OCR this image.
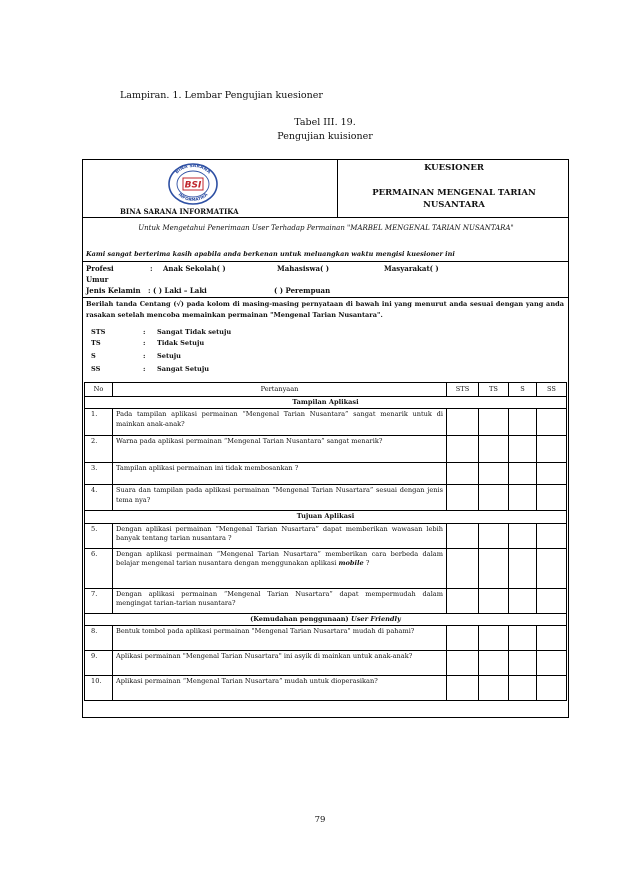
Lampiran. 1. Lembar Pengujian kuesioner
Tabel III. 19.
Pengujian kuisioner
BINA SARANA
INFORMATIKA
BSI
BINA SARANA INFORMATIKA
KUESIONER
PERMAINAN MENGENAL TARIAN NUSANTARA
Untuk Mengetahui Penerimaan User Terhadap Permainan "MARBEL MENGENAL TARIAN NUSANTARA"
Kami sangat berterima kasih apabila anda berkenan untuk meluangkan waktu mengisi kuesioner ini
Profesi	: Anak Sekolah( )	Mahasiswa( )	Masyarakat( )
Umur
Jenis Kelamin : ( ) Laki – Laki	( ) Perempuan
Berilah tanda Centang (√) pada kolom di masing-masing pernyataan di bawah ini yang menurut anda sesuai dengan yang anda rasakan setelah mencoba memainkan permainan "Mengenal Tarian Nusantara".
STS	: Sangat Tidak setuju
TS	: Tidak Setuju
S	: Setuju
SS	: Sangat Setuju
No	Pertanyaan	STS	TS	S	SS
Tampilan Aplikasi					
1.	Pada tampilan aplikasi permainan “Mengenal Tarian Nusantara” sangat menarik untuk di mainkan anak-anak?				
2.	Warna pada aplikasi permainan “Mengenal Tarian Nusantara” sangat menarik?				
3.	Tampilan aplikasi permainan ini tidak membosankan ?				
4.	Suara dan tampilan pada aplikasi permainan “Mengenal Tarian Nusartara” sesuai dengan jenis tema nya?				
Tujuan Aplikasi					
5.	Dengan aplikasi permainan “Mengenal Tarian Nusartara” dapat memberikan wawasan lebih banyak tentang tarian nusantara ?				
6.	Dengan aplikasi permainan “Mengenal Tarian Nusartara” memberikan cara berbeda dalam belajar mengenal tarian nusantara dengan menggunakan aplikasi mobile ?				
7.	Dengan aplikasi permainan “Mengenal Tarian Nusartara” dapat mempermudah dalam mengingat tarian-tarian nusantara?				
(Kemudahan penggunaan) User Friendly					
8.	Bentuk tombol pada aplikasi permainan "Mengenal Tarian Nusartara" mudah di pahami?				
9.	Aplikasi permainan "Mengenal Tarian Nusartara" ini asyik di mainkan untuk anak-anak?				
10.	Aplikasi permainan “Mengenal Tarian Nusartara” mudah untuk dioperasikan?				
79
